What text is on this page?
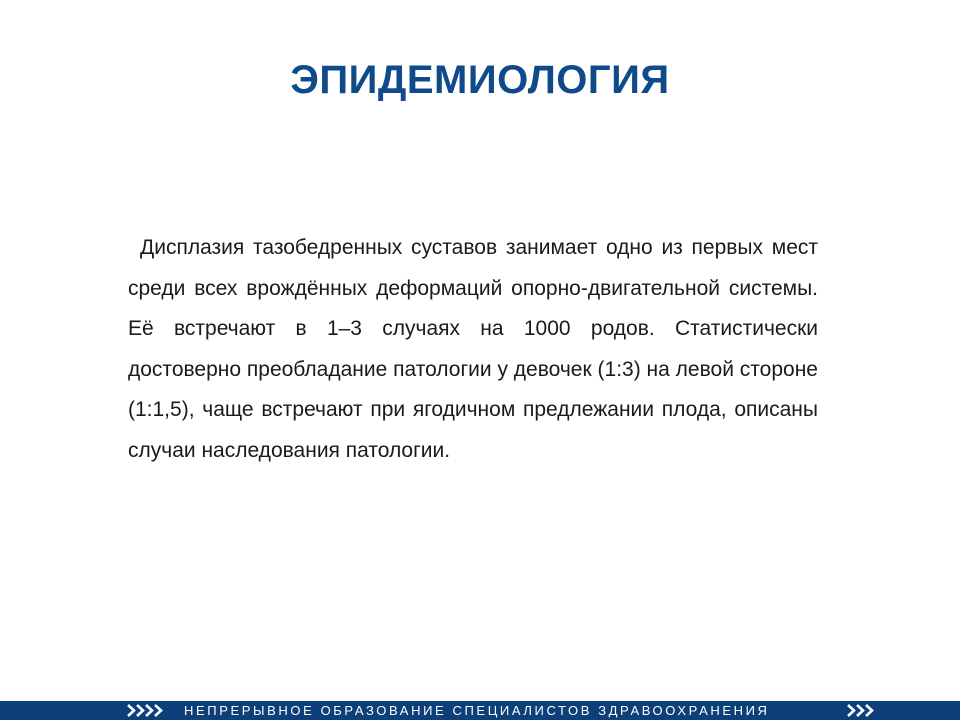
ЭПИДЕМИОЛОГИЯ

Дисплазия тазобедренных суставов занимает одно из первых мест среди всех врождённых деформаций опорно-двигательной системы. Её встречают в 1–3 случаях на 1000 родов. Статистически достоверно преобладание патологии у девочек (1:3) на левой стороне (1:1,5), чаще встречают при ягодичном предлежании плода, описаны случаи наследования патологии.

НЕПРЕРЫВНОЕ ОБРАЗОВАНИЕ СПЕЦИАЛИСТОВ ЗДРАВООХРАНЕНИЯ
